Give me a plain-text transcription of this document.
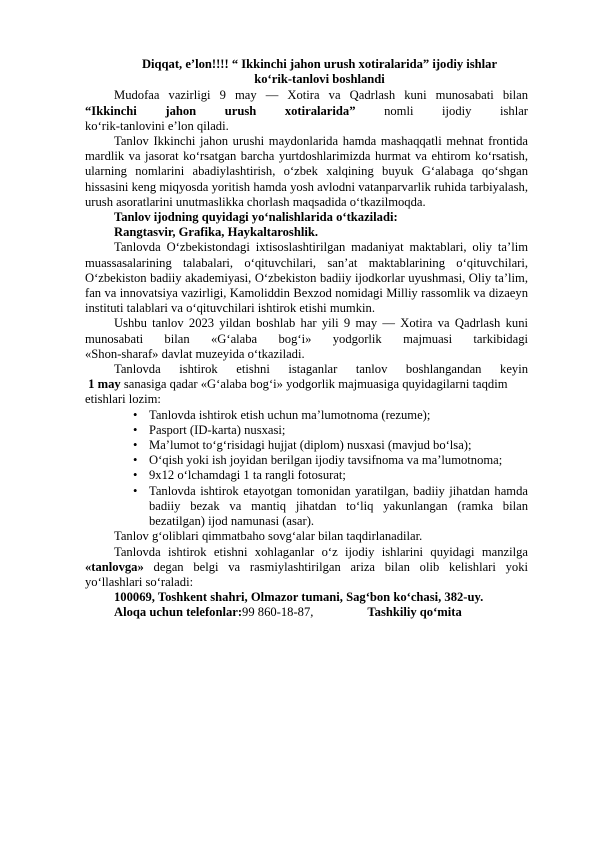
Diqqat, e’lon!!!! “ Ikkinchi jahon urush xotiralarida” ijodiy ishlar
ko‘rik-tanlovi boshlandi

Mudofaa vazirligi 9 may — Xotira va Qadrlash kuni munosabati bilan

“Ikkinchi jahon urush xotiralarida” nomli ijodiy ishlar

ko‘rik-tanlovini e’lon qiladi.

Tanlov Ikkinchi jahon urushi maydonlarida hamda mashaqqatli mehnat frontida mardlik va jasorat ko‘rsatgan barcha yurtdoshlarimizda hurmat va ehtirom ko‘rsatish, ularning nomlarini abadiylashtirish, o‘zbek xalqining buyuk G‘alabaga qo‘shgan hissasini keng miqyosda yoritish hamda yosh avlodni vatanparvarlik ruhida tarbiyalash, urush asoratlarini unutmaslikka chorlash maqsadida o‘tkazilmoqda.

Tanlov ijodning quyidagi yo‘nalishlarida o‘tkaziladi:

Rangtasvir, Grafika, Haykaltaroshlik.

Tanlovda O‘zbekistondagi ixtisoslashtirilgan madaniyat maktablari, oliy ta’lim muassasalarining talabalari, o‘qituvchilari, san’at maktablarining o‘qituvchilari, O‘zbekiston badiiy akademiyasi, O‘zbekiston badiiy ijodkorlar uyushmasi, Oliy ta’lim, fan va innovatsiya vazirligi, Kamoliddin Bexzod nomidagi Milliy rassomlik va dizaeyn instituti talablari va o‘qituvchilari ishtirok etishi mumkin.

Ushbu tanlov 2023 yildan boshlab har yili 9 may — Xotira va Qadrlash kuni

munosabati bilan «G‘alaba bog‘i» yodgorlik majmuasi tarkibidagi

«Shon-sharaf» davlat muzeyida o‘tkaziladi.

Tanlovda ishtirok etishni istaganlar tanlov boshlangandan keyin

1 may sanasiga qadar «G‘alaba bog‘i» yodgorlik majmuasiga quyidagilarni taqdim

etishlari lozim:

• Tanlovda ishtirok etish uchun ma’lumotnoma (rezume);
• Pasport (ID-karta) nusxasi;
• Ma’lumot to‘g‘risidagi hujjat (diplom) nusxasi (mavjud bo‘lsa);
• O‘qish yoki ish joyidan berilgan ijodiy tavsifnoma va ma’lumotnoma;
• 9x12 o‘lchamdagi 1 ta rangli fotosurat;
• Tanlovda ishtirok etayotgan tomonidan yaratilgan, badiiy jihatdan hamda badiiy bezak va mantiq jihatdan to‘liq yakunlangan (ramka bilan bezatilgan) ijod namunasi (asar).

Tanlov g‘oliblari qimmatbaho sovg‘alar bilan taqdirlanadilar.

Tanlovda ishtirok etishni xohlaganlar o‘z ijodiy ishlarini quyidagi manzilga «tanlovga» degan belgi va rasmiylashtirilgan ariza bilan olib kelishlari yoki yo‘llashlari so‘raladi:

100069, Toshkent shahri, Olmazor tumani, Sag‘bon ko‘chasi, 382-uy.
Aloqa uchun telefonlar: 99 860-18-87,	Tashkiliy qo‘mita
